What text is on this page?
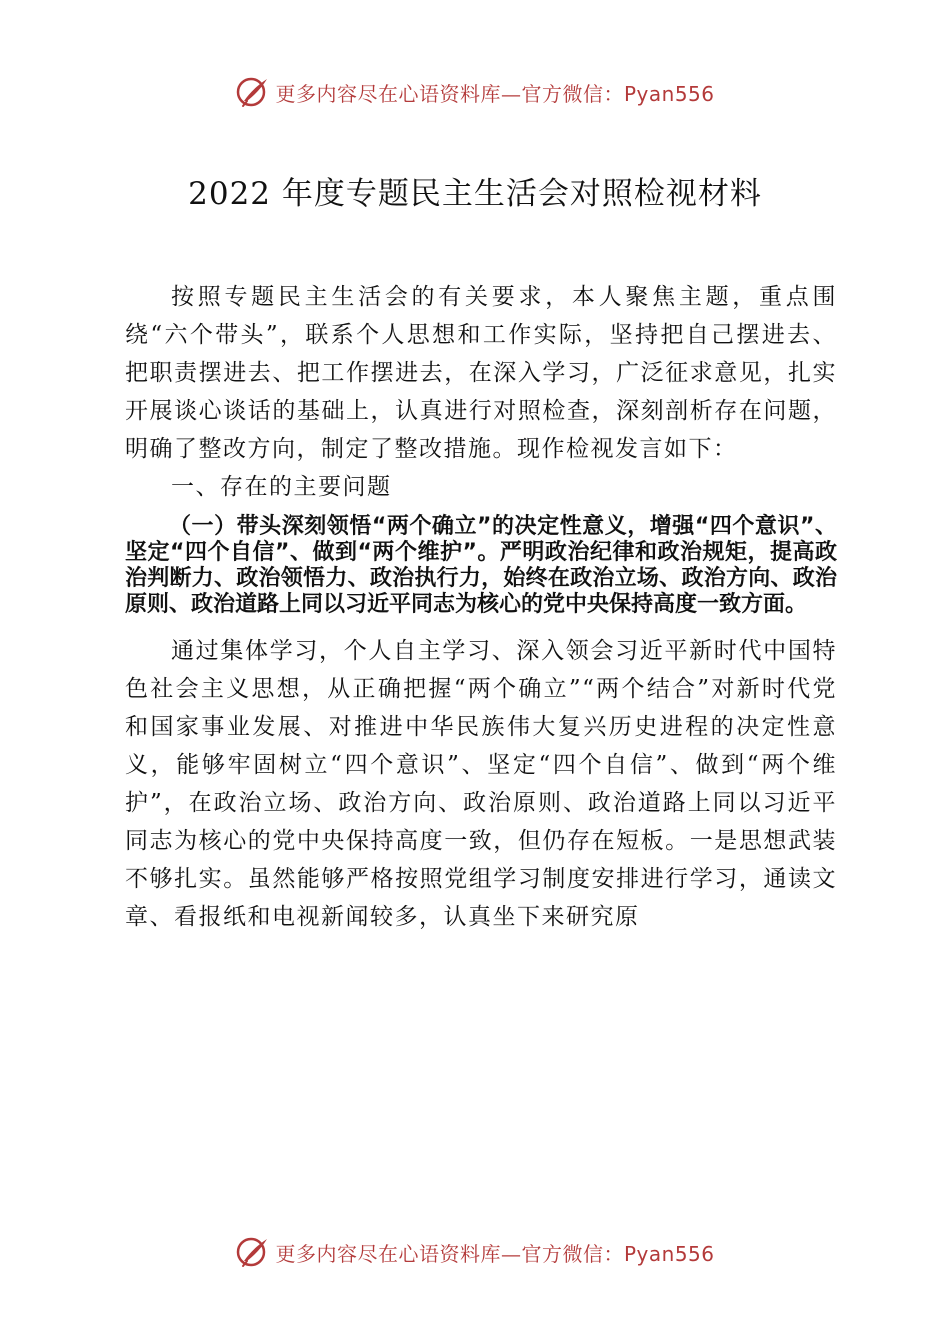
更多内容尽在心语资料库—官方微信：Pyan556
2022 年度专题民主生活会对照检视材料

按照专题民主生活会的有关要求，本人聚焦主题，重点围绕“六个带头”，联系个人思想和工作实际，坚持把自己摆进去、把职责摆进去、把工作摆进去，在深入学习，广泛征求意见，扎实开展谈心谈话的基础上，认真进行对照检查，深刻剖析存在问题，明确了整改方向，制定了整改措施。现作检视发言如下：

一、存在的主要问题

（一）带头深刻领悟“两个确立”的决定性意义，增强“四个意识”、坚定“四个自信”、做到“两个维护”。严明政治纪律和政治规矩，提高政治判断力、政治领悟力、政治执行力，始终在政治立场、政治方向、政治原则、政治道路上同以习近平同志为核心的党中央保持高度一致方面。

通过集体学习，个人自主学习、深入领会习近平新时代中国特色社会主义思想，从正确把握“两个确立”“两个结合”对新时代党和国家事业发展、对推进中华民族伟大复兴历史进程的决定性意义，能够牢固树立“四个意识”、坚定“四个自信”、做到“两个维护”，在政治立场、政治方向、政治原则、政治道路上同以习近平同志为核心的党中央保持高度一致，但仍存在短板。一是思想武装不够扎实。虽然能够严格按照党组学习制度安排进行学习，通读文章、看报纸和电视新闻较多，认真坐下来研究原

更多内容尽在心语资料库—官方微信：Pyan556
